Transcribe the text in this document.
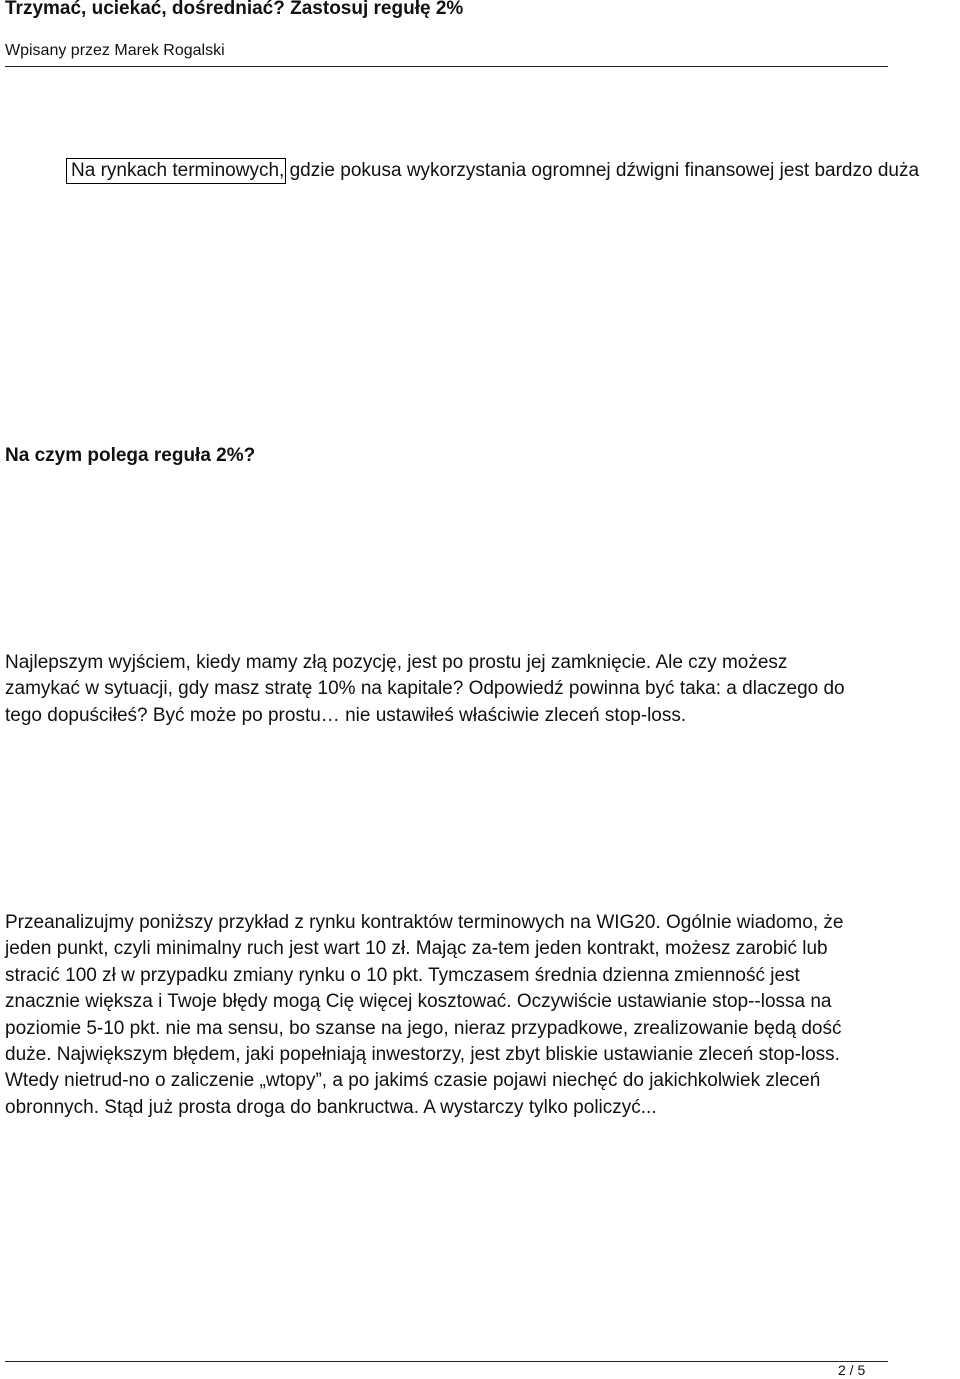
Trzymać, uciekać, dośredniać? Zastosuj regułę 2%
Wpisany przez Marek Rogalski
Na rynkach terminowych, gdzie pokusa wykorzystania ogromnej dźwigni finansowej jest bardzo duża
Na czym polega reguła 2%?

Najlepszym wyjściem, kiedy mamy złą pozycję, jest po prostu jej zamknięcie. Ale czy możesz zamykać w sytuacji, gdy masz stratę 10% na kapitale? Odpowiedź powinna być taka: a dlaczego do tego dopuściłeś? Być może po prostu… nie ustawiłeś właściwie zleceń stop-loss.

Przeanalizujmy poniższy przykład z rynku kontraktów terminowych na WIG20. Ogólnie wiadomo, że jeden punkt, czyli minimalny ruch jest wart 10 zł. Mając za-tem jeden kontrakt, możesz zarobić lub stracić 100 zł w przypadku zmiany rynku o 10 pkt. Tymczasem średnia dzienna zmienność jest znacznie większa i Twoje błędy mogą Cię więcej kosztować. Oczywiście ustawianie stop--lossa na poziomie 5-10 pkt. nie ma sensu, bo szanse na jego, nieraz przypadkowe, zrealizowanie będą dość duże. Największym błędem, jaki popełniają inwestorzy, jest zbyt bliskie ustawianie zleceń stop-loss. Wtedy nietrud-no o zaliczenie „wtopy”, a po jakimś czasie pojawi niechęć do jakichkolwiek zleceń obronnych. Stąd już prosta droga do bankructwa. A wystarczy tylko policzyć...

2 / 5
